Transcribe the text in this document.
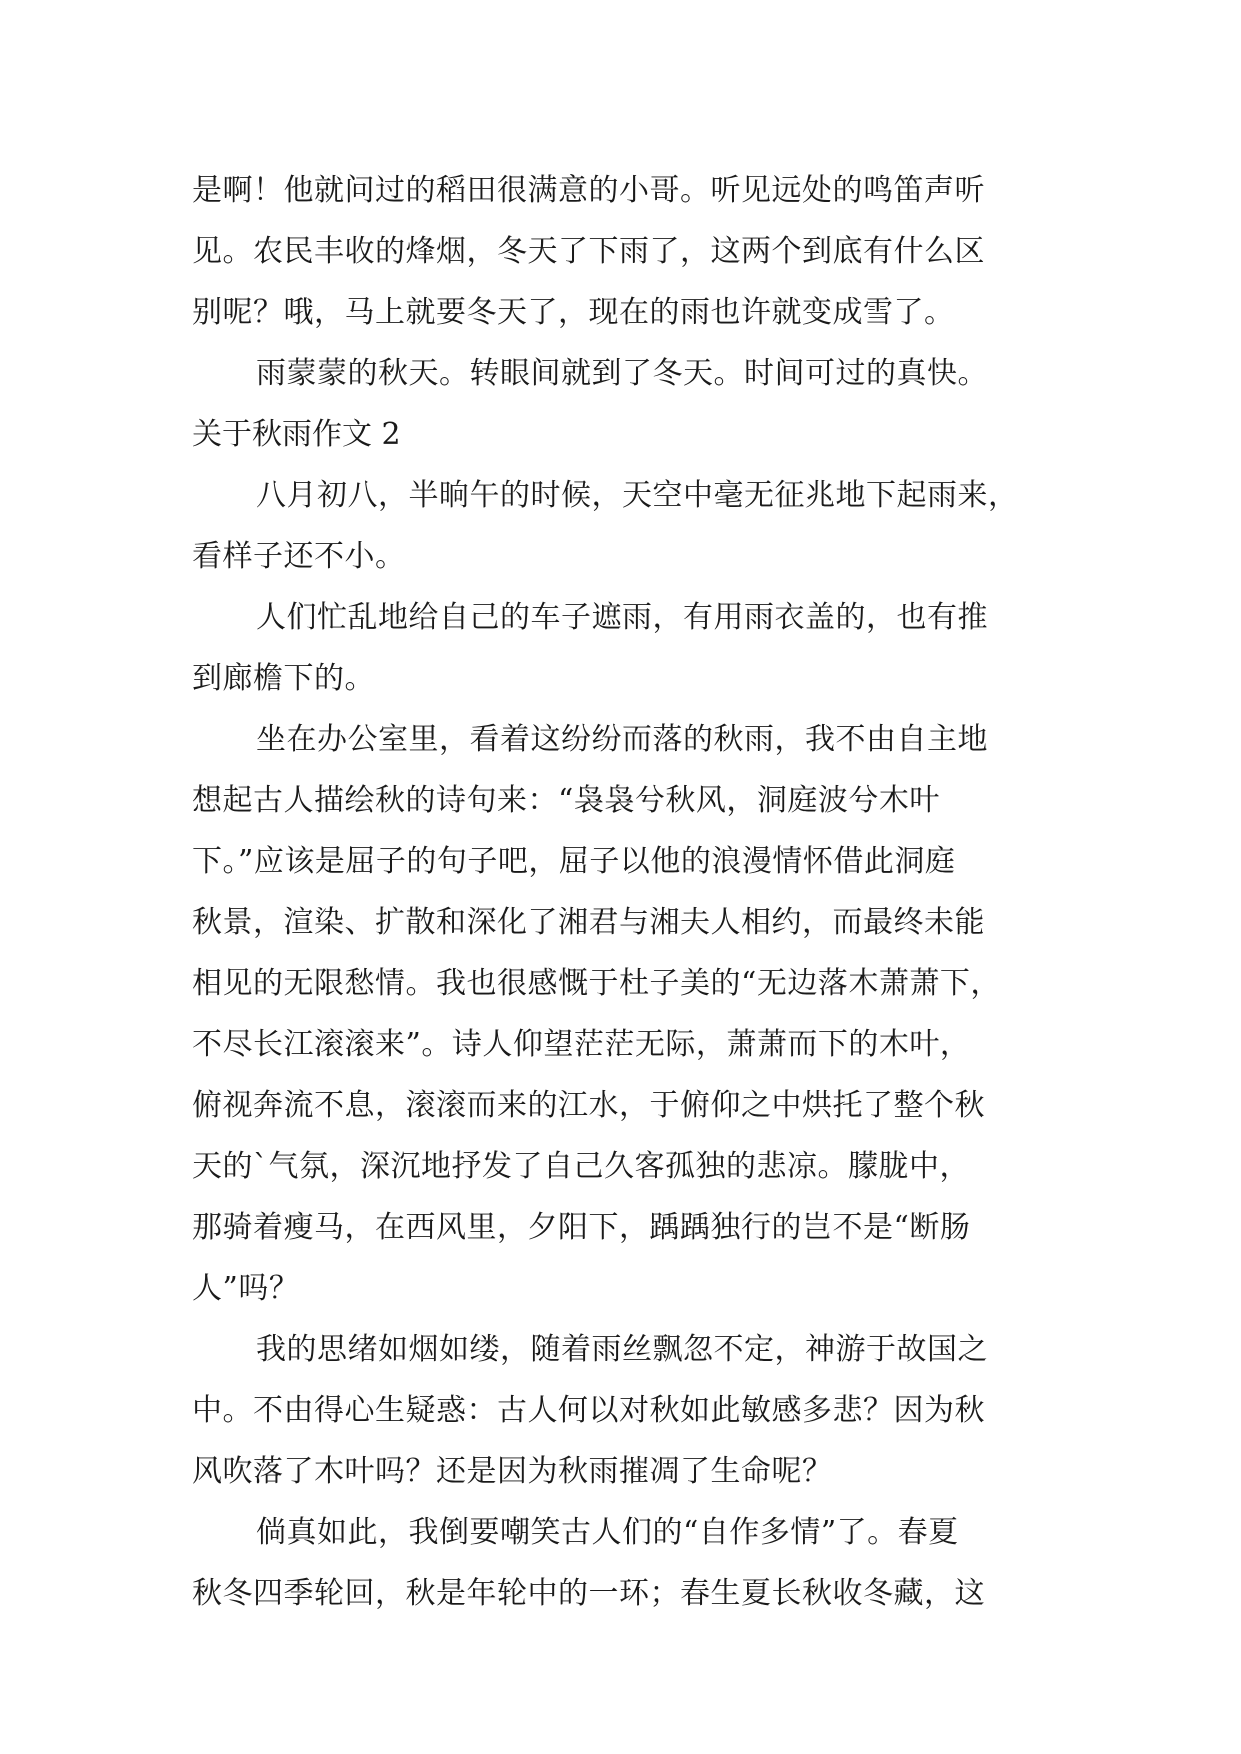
是啊！他就问过的稻田很满意的小哥。听见远处的鸣笛声听
见。农民丰收的烽烟，冬天了下雨了，这两个到底有什么区
别呢？哦，马上就要冬天了，现在的雨也许就变成雪了。
雨蒙蒙的秋天。转眼间就到了冬天。时间可过的真快。
关于秋雨作文 2
八月初八，半晌午的时候，天空中毫无征兆地下起雨来，
看样子还不小。
人们忙乱地给自己的车子遮雨，有用雨衣盖的，也有推
到廊檐下的。
坐在办公室里，看着这纷纷而落的秋雨，我不由自主地
想起古人描绘秋的诗句来：“袅袅兮秋风，洞庭波兮木叶
下。”应该是屈子的句子吧，屈子以他的浪漫情怀借此洞庭
秋景，渲染、扩散和深化了湘君与湘夫人相约，而最终未能
相见的无限愁情。我也很感慨于杜子美的“无边落木萧萧下，
不尽长江滚滚来”。诗人仰望茫茫无际，萧萧而下的木叶，
俯视奔流不息，滚滚而来的江水，于俯仰之中烘托了整个秋
天的`气氛，深沉地抒发了自己久客孤独的悲凉。朦胧中，
那骑着瘦马，在西风里，夕阳下，踽踽独行的岂不是“断肠
人”吗？
我的思绪如烟如缕，随着雨丝飘忽不定，神游于故国之
中。不由得心生疑惑：古人何以对秋如此敏感多悲？因为秋
风吹落了木叶吗？还是因为秋雨摧凋了生命呢？
倘真如此，我倒要嘲笑古人们的“自作多情”了。春夏
秋冬四季轮回，秋是年轮中的一环；春生夏长秋收冬藏，这
